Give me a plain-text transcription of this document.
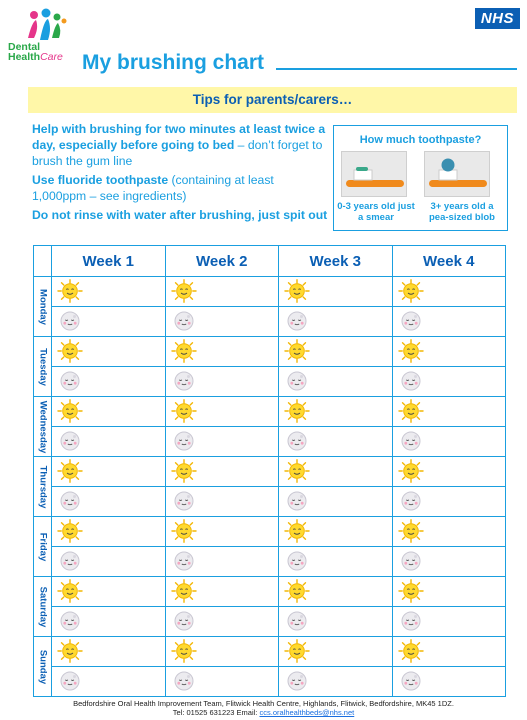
Dental
HealthCare
NHS
My brushing chart
Tips for parents/carers…

Help with brushing for two minutes at least twice a day, especially before going to bed – don’t forget to brush the gum line

Use fluoride toothpaste (containing at least 1,000ppm – see ingredients)

Do not rinse with water after brushing, just spit out

How much toothpaste?
0-3 years old just a smear
3+ years old a pea-sized blob
	Week 1	Week 2	Week 3	Week 4

Monday

Tuesday

Wednesday

Thursday

Friday

Saturday

Sunday

Bedfordshire Oral Health Improvement Team, Flitwick Health Centre, Highlands, Flitwick, Bedfordshire, MK45 1DZ.
Tel: 01525 631223 Email: ccs.oralhealthbeds@nhs.net
